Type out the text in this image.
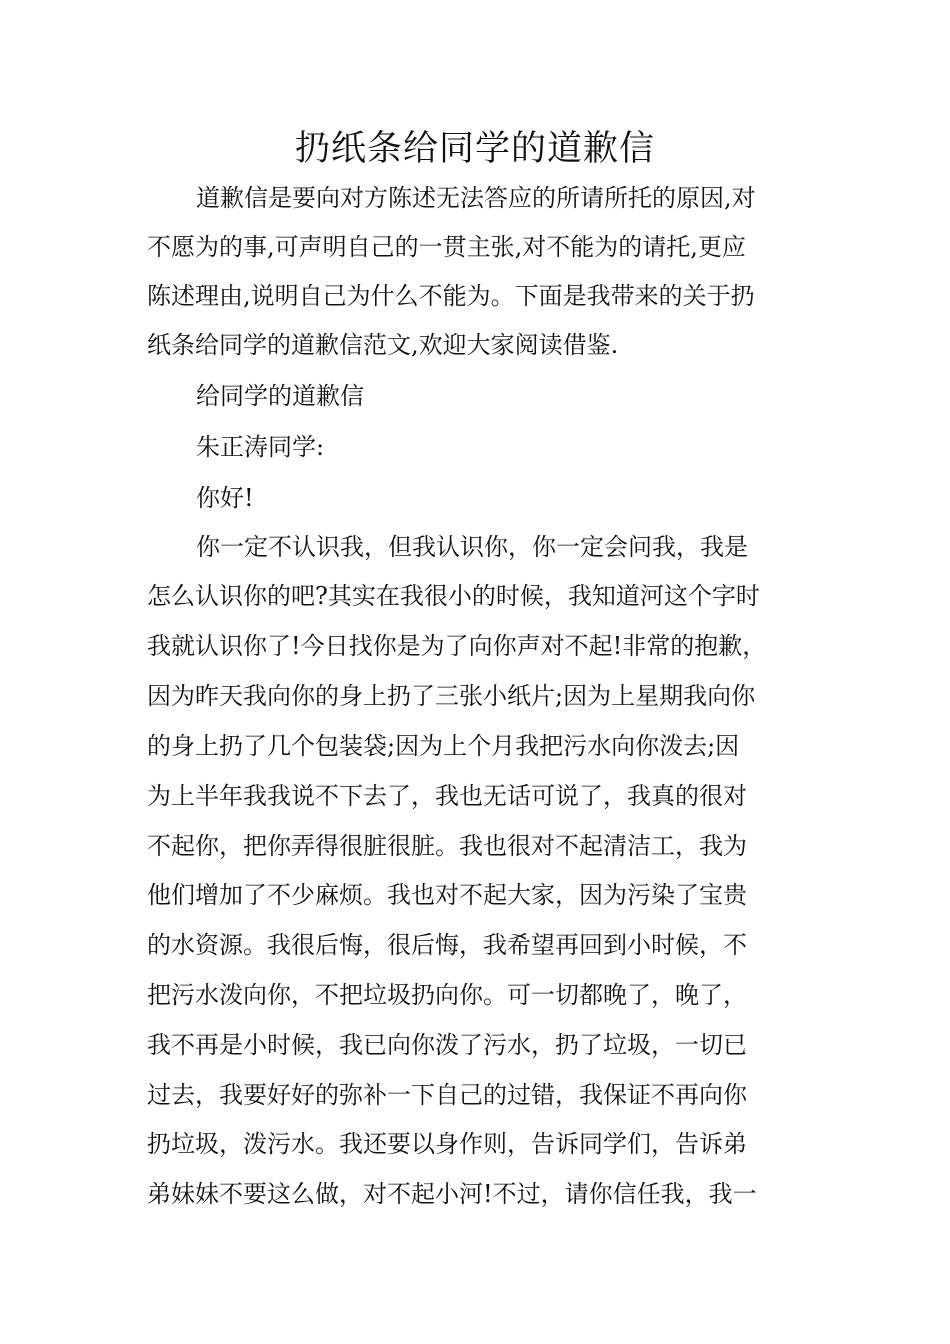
扔纸条给同学的道歉信
道歉信是要向对方陈述无法答应的所请所托的原因,对
不愿为的事,可声明自己的一贯主张,对不能为的请托,更应
陈述理由,说明自己为什么不能为。下面是我带来的关于扔
纸条给同学的道歉信范文,欢迎大家阅读借鉴.
给同学的道歉信
朱正涛同学:
你好!
你一定不认识我，但我认识你，你一定会问我，我是
怎么认识你的吧?其实在我很小的时候，我知道河这个字时
我就认识你了!今日找你是为了向你声对不起!非常的抱歉，
因为昨天我向你的身上扔了三张小纸片;因为上星期我向你
的身上扔了几个包装袋;因为上个月我把污水向你泼去;因
为上半年我我说不下去了，我也无话可说了，我真的很对
不起你，把你弄得很脏很脏。我也很对不起清洁工，我为
他们增加了不少麻烦。我也对不起大家，因为污染了宝贵
的水资源。我很后悔，很后悔，我希望再回到小时候，不
把污水泼向你，不把垃圾扔向你。可一切都晚了，晚了，
我不再是小时候，我已向你泼了污水，扔了垃圾，一切已
过去，我要好好的弥补一下自己的过错，我保证不再向你
扔垃圾，泼污水。我还要以身作则，告诉同学们，告诉弟
弟妹妹不要这么做，对不起小河!不过，请你信任我，我一
